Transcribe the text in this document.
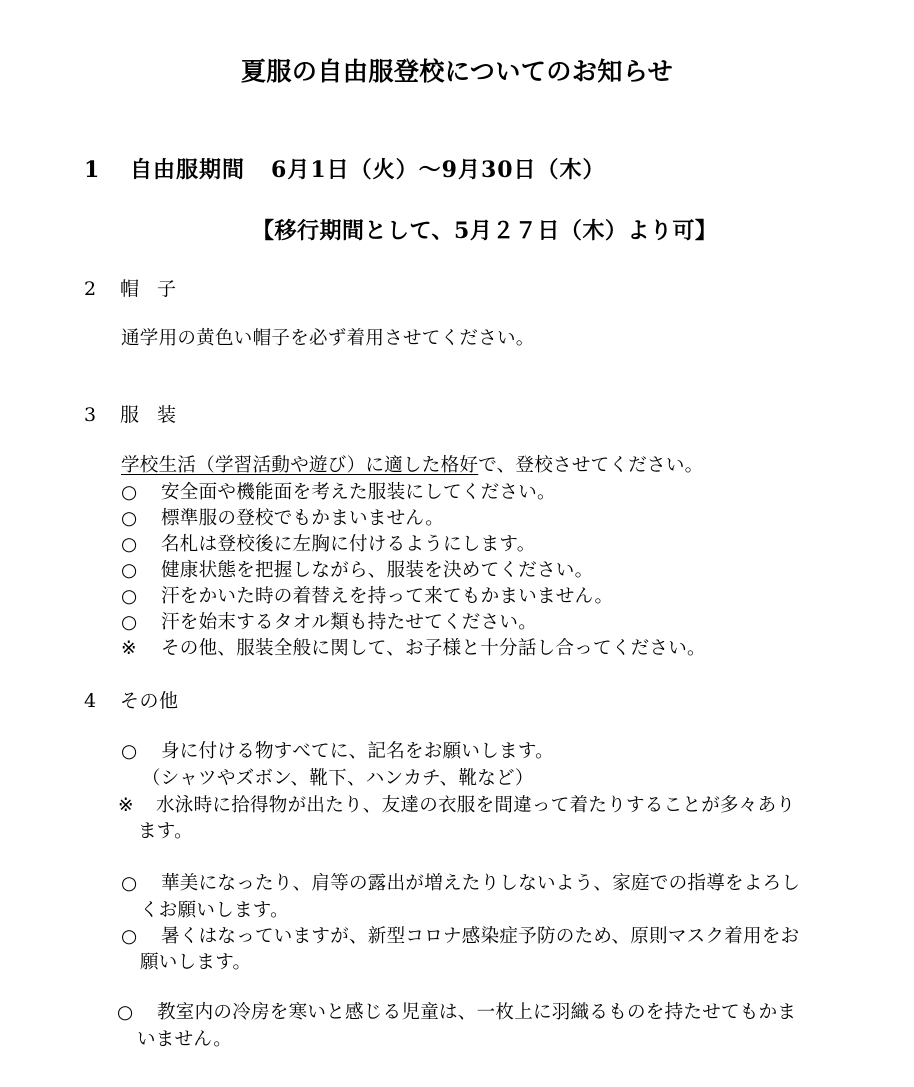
夏服の自由服登校についてのお知らせ
1 自由服期間 6月1日（火）～9月30日（木）
【移行期間として、5月２７日（木）より可】
2 帽子
通学用の黄色い帽子を必ず着用させてください。
3 服装
学校生活（学習活動や遊び）に適した格好で、登校させてください。
○ 安全面や機能面を考えた服装にしてください。
○ 標準服の登校でもかまいません。
○ 名札は登校後に左胸に付けるようにします。
○ 健康状態を把握しながら、服装を決めてください。
○ 汗をかいた時の着替えを持って来てもかまいません。
○ 汗を始末するタオル類も持たせてください。
※ その他、服装全般に関して、お子様と十分話し合ってください。
4 その他
○ 身に付ける物すべてに、記名をお願いします。
（シャツやズボン、靴下、ハンカチ、靴など）
※ 水泳時に拾得物が出たり、友達の衣服を間違って着たりすることが多々あり
ます。
○ 華美になったり、肩等の露出が増えたりしないよう、家庭での指導をよろし
くお願いします。
○ 暑くはなっていますが、新型コロナ感染症予防のため、原則マスク着用をお
願いします。
○ 教室内の冷房を寒いと感じる児童は、一枚上に羽織るものを持たせてもかま
いません。
